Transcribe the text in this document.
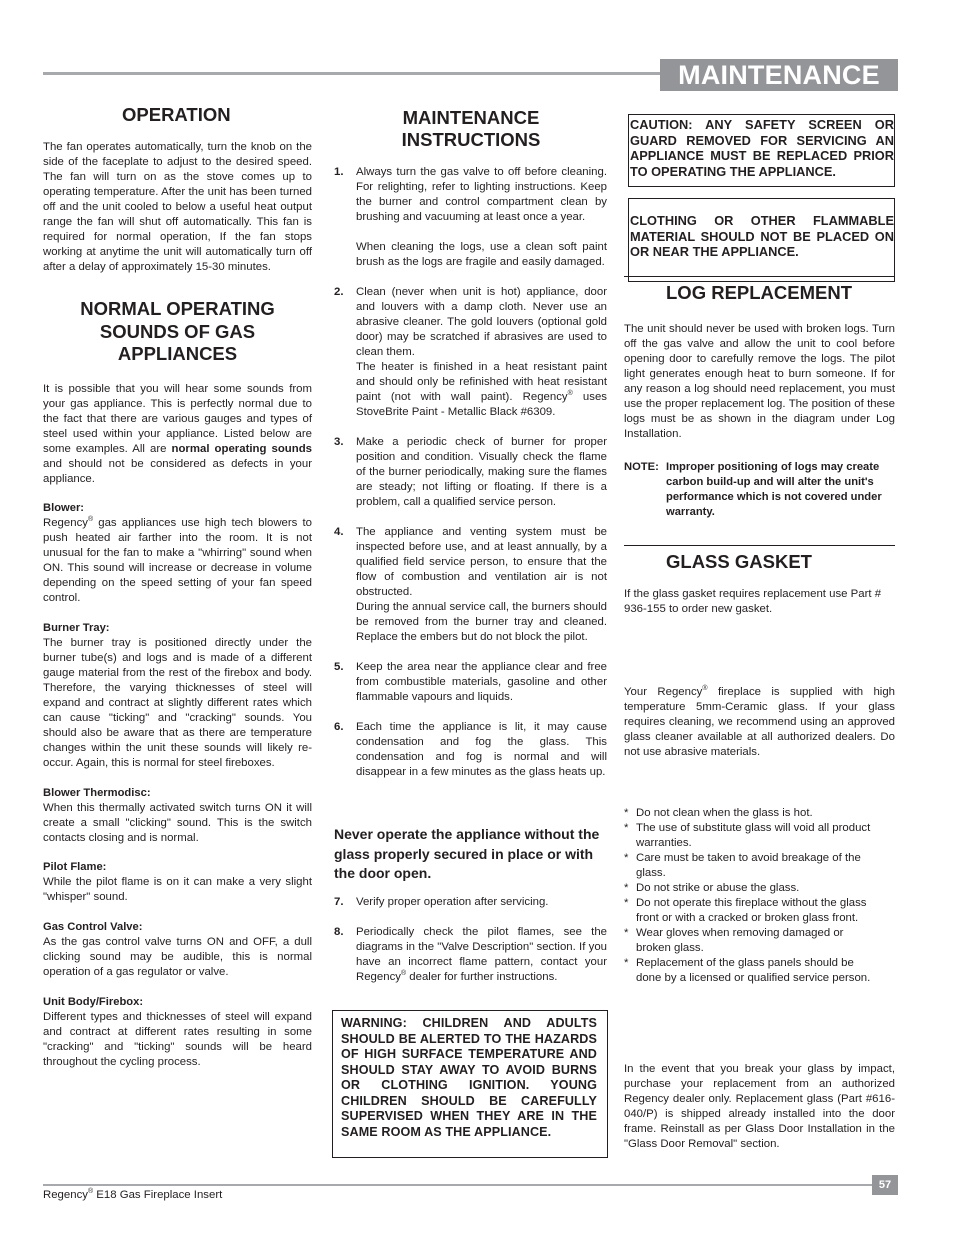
MAINTENANCE
OPERATION

The fan operates automatically, turn the knob on the side of the faceplate to adjust to the desired speed. The fan will turn on as the stove comes up to operating temperature. After the unit has been turned off and the unit cooled to below a useful heat output range the fan will shut off automatically. This fan is required for normal operation, If the fan stops working at anytime the unit will automatically turn off after a delay of approximately 15-30 minutes.

NORMAL OPERATING SOUNDS OF GAS APPLIANCES

It is possible that you will hear some sounds from your gas appliance. This is perfectly normal due to the fact that there are various gauges and types of steel used within your appliance. Listed below are some examples. All are normal operating sounds and should not be considered as defects in your appliance.

Blower:

Regency® gas appliances use high tech blowers to push heated air farther into the room. It is not unusual for the fan to make a "whirring" sound when ON. This sound will increase or decrease in volume depending on the speed setting of your fan speed control.

Burner Tray:

The burner tray is positioned directly under the burner tube(s) and logs and is made of a different gauge material from the rest of the firebox and body. Therefore, the varying thicknesses of steel will expand and contract at slightly different rates which can cause "ticking" and "cracking" sounds. You should also be aware that as there are temperature changes within the unit these sounds will likely re-occur. Again, this is normal for steel fireboxes.

Blower Thermodisc:

When this thermally activated switch turns ON it will create a small "clicking" sound. This is the switch contacts closing and is normal.

Pilot Flame:

While the pilot flame is on it can make a very slight "whisper" sound.

Gas Control Valve:

As the gas control valve turns ON and OFF, a dull clicking sound may be audible, this is normal operation of a gas regulator or valve.

Unit Body/Firebox:

Different types and thicknesses of steel will expand and contract at different rates resulting in some "cracking" and "ticking" sounds will be heard throughout the cycling process.

MAINTENANCE INSTRUCTIONS
1. Always turn the gas valve to off before cleaning. For relighting, refer to lighting instructions. Keep the burner and control compartment clean by brushing and vacuuming at least once a year.
When cleaning the logs, use a clean soft paint brush as the logs are fragile and easily damaged.
2. Clean (never when unit is hot) appliance, door and louvers with a damp cloth. Never use an abrasive cleaner. The gold louvers (optional gold door) may be scratched if abrasives are used to clean them.
The heater is finished in a heat resistant paint and should only be refinished with heat resistant paint (not with wall paint). Regency® uses StoveBrite Paint - Metallic Black #6309.
3. Make a periodic check of burner for proper position and condition. Visually check the flame of the burner periodically, making sure the flames are steady; not lifting or floating. If there is a problem, call a qualified service person.
4. The appliance and venting system must be inspected before use, and at least annually, by a qualified field service person, to ensure that the flow of combustion and ventilation air is not obstructed.
During the annual service call, the burners should be removed from the burner tray and cleaned. Replace the embers but do not block the pilot.
5. Keep the area near the appliance clear and free from combustible materials, gasoline and other flammable vapours and liquids.
6. Each time the appliance is lit, it may cause condensation and fog the glass. This condensation and fog is normal and will disappear in a few minutes as the glass heats up.

Never operate the appliance without the glass properly secured in place or with the door open.

7. Verify proper operation after servicing.
8. Periodically check the pilot flames, see the diagrams in the "Valve Description" section. If you have an incorrect flame pattern, contact your Regency® dealer for further instructions.
WARNING: CHILDREN AND ADULTS SHOULD BE ALERTED TO THE HAZARDS OF HIGH SURFACE TEMPERATURE AND SHOULD STAY AWAY TO AVOID BURNS OR CLOTHING IGNITION. YOUNG CHILDREN SHOULD BE CAREFULLY SUPERVISED WHEN THEY ARE IN THE SAME ROOM AS THE APPLIANCE.
CAUTION: ANY SAFETY SCREEN OR GUARD REMOVED FOR SERVICING AN APPLIANCE MUST BE REPLACED PRIOR TO OPERATING THE APPLIANCE.
CLOTHING OR OTHER FLAMMABLE MATERIAL SHOULD NOT BE PLACED ON OR NEAR THE APPLIANCE.
LOG REPLACEMENT

The unit should never be used with broken logs. Turn off the gas valve and allow the unit to cool before opening door to carefully remove the logs. The pilot light generates enough heat to burn someone. If for any reason a log should need replacement, you must use the proper replacement log. The position of these logs must be as shown in the diagram under Log Installation.

NOTE: Improper positioning of logs may create carbon build-up and will alter the unit's performance which is not covered under warranty.
GLASS GASKET

If the glass gasket requires replacement use Part # 936-155 to order new gasket.

Your Regency® fireplace is supplied with high temperature 5mm-Ceramic glass. If your glass requires cleaning, we recommend using an approved glass cleaner available at all authorized dealers. Do not use abrasive materials.

* Do not clean when the glass is hot.
* The use of substitute glass will void all product warranties.
* Care must be taken to avoid breakage of the glass.
* Do not strike or abuse the glass.
* Do not operate this fireplace without the glass front or with a cracked or broken glass front.
* Wear gloves when removing damaged or broken glass.
* Replacement of the glass panels should be done by a licensed or qualified service person.

In the event that you break your glass by impact, purchase your replacement from an authorized Regency dealer only. Replacement glass (Part #616-040/P) is shipped already installed into the door frame. Reinstall as per Glass Door Installation in the "Glass Door Removal" section.

57
Regency® E18 Gas Fireplace Insert
